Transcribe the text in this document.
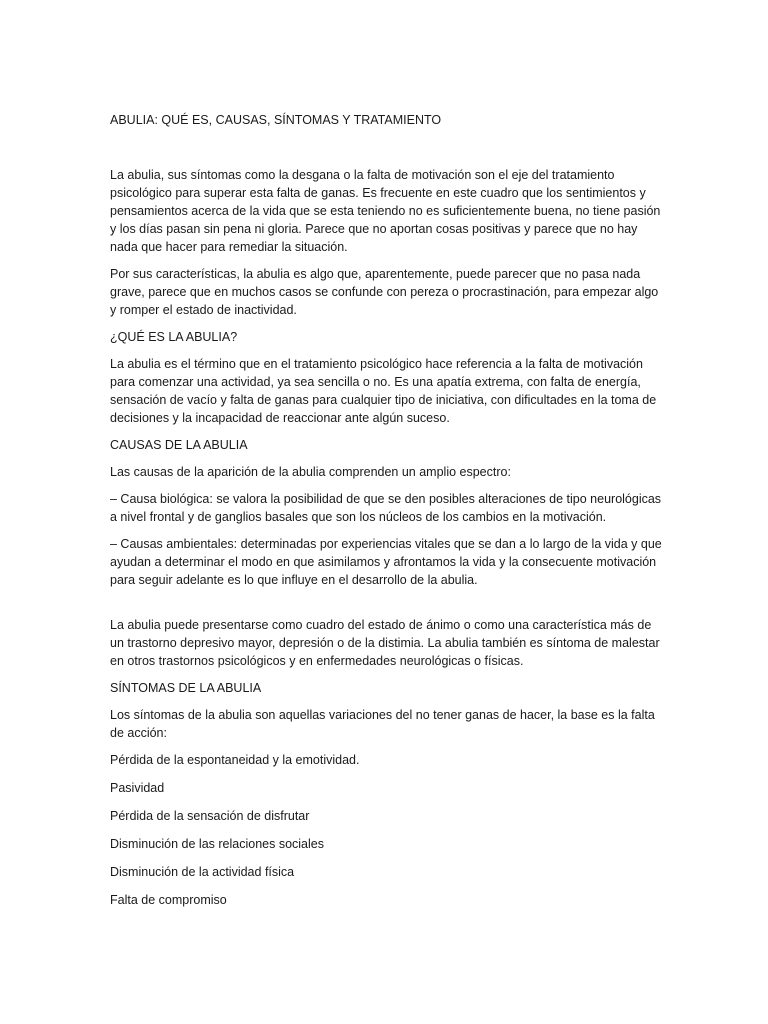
ABULIA: QUÉ ES, CAUSAS, SÍNTOMAS Y TRATAMIENTO

La abulia, sus síntomas como la desgana o la falta de motivación son el eje del tratamiento psicológico para superar esta falta de ganas. Es frecuente en este cuadro que los sentimientos y pensamientos acerca de la vida que se esta teniendo no es suficientemente buena, no tiene pasión y los días pasan sin pena ni gloria. Parece que no aportan cosas positivas y parece que no hay nada que hacer para remediar la situación.

Por sus características, la abulia es algo que, aparentemente, puede parecer que no pasa nada grave, parece que en muchos casos se confunde con pereza o procrastinación, para empezar algo y romper el estado de inactividad.

¿QUÉ ES LA ABULIA?

La abulia es el término que en el tratamiento psicológico hace referencia a la falta de motivación para comenzar una actividad, ya sea sencilla o no. Es una apatía extrema, con falta de energía, sensación de vacío y falta de ganas para cualquier tipo de iniciativa, con dificultades en la toma de decisiones y la incapacidad de reaccionar ante algún suceso.

CAUSAS DE LA ABULIA

Las causas de la aparición de la abulia comprenden un amplio espectro:

– Causa biológica: se valora la posibilidad de que se den posibles alteraciones de tipo neurológicas a nivel frontal y de ganglios basales que son los núcleos de los cambios en la motivación.

– Causas ambientales: determinadas por experiencias vitales que se dan a lo largo de la vida y que ayudan a determinar el modo en que asimilamos y afrontamos la vida y la consecuente motivación para seguir adelante es lo que influye en el desarrollo de la abulia.

La abulia puede presentarse como cuadro del estado de ánimo o como una característica más de un trastorno depresivo mayor, depresión o de la distimia. La abulia también es síntoma de malestar en otros trastornos psicológicos y en enfermedades neurológicas o físicas.

SÍNTOMAS DE LA ABULIA

Los síntomas de la abulia son aquellas variaciones del no tener ganas de hacer, la base es la falta de acción:

Pérdida de la espontaneidad y la emotividad.

Pasividad

Pérdida de la sensación de disfrutar

Disminución de las relaciones sociales

Disminución de la actividad física

Falta de compromiso
